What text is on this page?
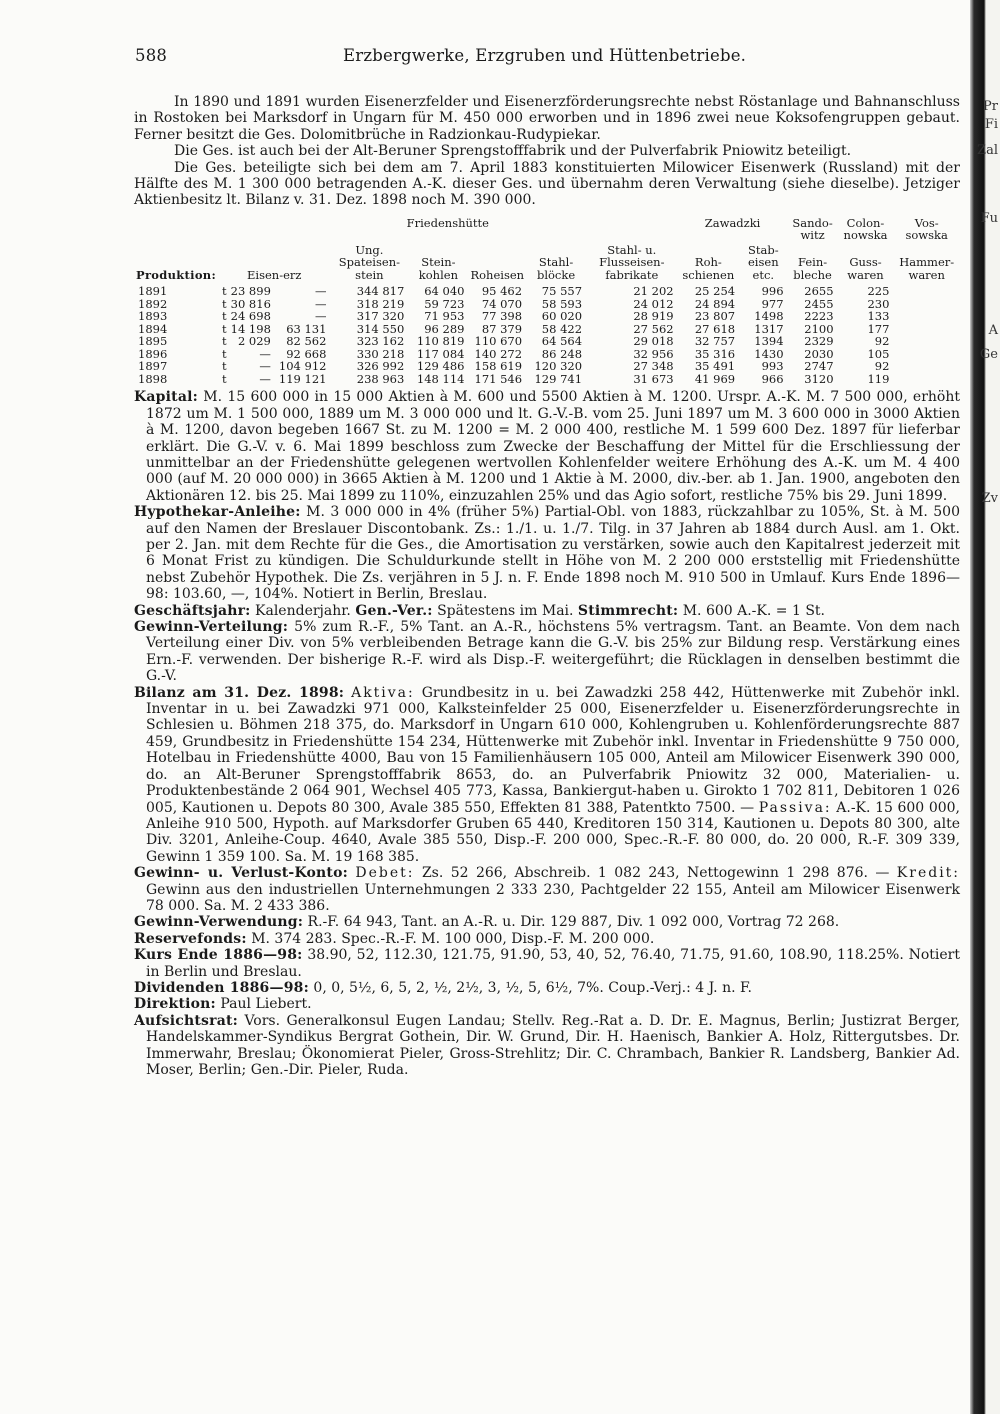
Pr
Fi
Zal
Fu
A
Ge
Zv
588	Erzbergwerke, Erzgruben und Hüttenbetriebe.

In 1890 und 1891 wurden Eisenerzfelder und Eisenerzförderungsrechte nebst Röstanlage und Bahnanschluss in Rostoken bei Marksdorf in Ungarn für M. 450 000 erworben und in 1896 zwei neue Koksofengruppen gebaut. Ferner besitzt die Ges. Dolomitbrüche in Radzionkau-Rudypiekar.

Die Ges. ist auch bei der Alt-Beruner Sprengstofffabrik und der Pulverfabrik Pniowitz beteiligt.

Die Ges. beteiligte sich bei dem am 7. April 1883 konstituierten Milowicer Eisenwerk (Russland) mit der Hälfte des M. 1 300 000 betragenden A.-K. dieser Ges. und übernahm deren Verwaltung (siehe dieselbe). Jetziger Aktienbesitz lt. Bilanz v. 31. Dez. 1898 noch M. 390 000.

	Friedenshütte								Zawadzki		Sando-witz	Colon-nowska	Vos-sowska
Produktion:	Eisen-erz			Ung. Spateisen-stein	Stein-kohlen	Roheisen	Stahl-blöcke	Stahl- u. Flusseisen-fabrikate	Roh-schienen	Stab-eisen etc.	Fein-bleche	Guss-waren	Hammer-waren
1891	t	23 899	—	344 817	64 040	95 462	75 557	21 202	25 254	996	2655	225	
1892	t	30 816	—	318 219	59 723	74 070	58 593	24 012	24 894	977	2455	230	
1893	t	24 698	—	317 320	71 953	77 398	60 020	28 919	23 807	1498	2223	133	
1894	t	14 198	63 131	314 550	96 289	87 379	58 422	27 562	27 618	1317	2100	177	
1895	t	2 029	82 562	323 162	110 819	110 670	64 564	29 018	32 757	1394	2329	92	
1896	t	—	92 668	330 218	117 084	140 272	86 248	32 956	35 316	1430	2030	105	
1897	t	—	104 912	326 992	129 486	158 619	120 320	27 348	35 491	993	2747	92	
1898	t	—	119 121	238 963	148 114	171 546	129 741	31 673	41 969	966	3120	119	

Kapital: M. 15 600 000 in 15 000 Aktien à M. 600 und 5500 Aktien à M. 1200. Urspr. A.-K. M. 7 500 000, erhöht 1872 um M. 1 500 000, 1889 um M. 3 000 000 und lt. G.-V.-B. vom 25. Juni 1897 um M. 3 600 000 in 3000 Aktien à M. 1200, davon begeben 1667 St. zu M. 1200 = M. 2 000 400, restliche M. 1 599 600 Dez. 1897 für lieferbar erklärt. Die G.-V. v. 6. Mai 1899 beschloss zum Zwecke der Beschaffung der Mittel für die Erschliessung der unmittelbar an der Friedenshütte gelegenen wertvollen Kohlenfelder weitere Erhöhung des A.-K. um M. 4 400 000 (auf M. 20 000 000) in 3665 Aktien à M. 1200 und 1 Aktie à M. 2000, div.-ber. ab 1. Jan. 1900, angeboten den Aktionären 12. bis 25. Mai 1899 zu 110%, einzuzahlen 25% und das Agio sofort, restliche 75% bis 29. Juni 1899.

Hypothekar-Anleihe: M. 3 000 000 in 4% (früher 5%) Partial-Obl. von 1883, rückzahlbar zu 105%, St. à M. 500 auf den Namen der Breslauer Discontobank. Zs.: 1./1. u. 1./7. Tilg. in 37 Jahren ab 1884 durch Ausl. am 1. Okt. per 2. Jan. mit dem Rechte für die Ges., die Amortisation zu verstärken, sowie auch den Kapitalrest jederzeit mit 6 Monat Frist zu kündigen. Die Schuldurkunde stellt in Höhe von M. 2 200 000 erststellig mit Friedenshütte nebst Zubehör Hypothek. Die Zs. verjähren in 5 J. n. F. Ende 1898 noch M. 910 500 in Umlauf. Kurs Ende 1896—98: 103.60, —, 104%. Notiert in Berlin, Breslau.

Geschäftsjahr: Kalenderjahr. Gen.-Ver.: Spätestens im Mai. Stimmrecht: M. 600 A.-K. = 1 St.

Gewinn-Verteilung: 5% zum R.-F., 5% Tant. an A.-R., höchstens 5% vertragsm. Tant. an Beamte. Von dem nach Verteilung einer Div. von 5% verbleibenden Betrage kann die G.-V. bis 25% zur Bildung resp. Verstärkung eines Ern.-F. verwenden. Der bisherige R.-F. wird als Disp.-F. weitergeführt; die Rücklagen in denselben bestimmt die G.-V.

Bilanz am 31. Dez. 1898: Aktiva: Grundbesitz in u. bei Zawadzki 258 442, Hüttenwerke mit Zubehör inkl. Inventar in u. bei Zawadzki 971 000, Kalksteinfelder 25 000, Eisenerzfelder u. Eisenerzförderungsrechte in Schlesien u. Böhmen 218 375, do. Marksdorf in Ungarn 610 000, Kohlengruben u. Kohlenförderungsrechte 887 459, Grundbesitz in Friedenshütte 154 234, Hüttenwerke mit Zubehör inkl. Inventar in Friedenshütte 9 750 000, Hotelbau in Friedenshütte 4000, Bau von 15 Familienhäusern 105 000, Anteil am Milowicer Eisenwerk 390 000, do. an Alt-Beruner Sprengstofffabrik 8653, do. an Pulverfabrik Pniowitz 32 000, Materialien- u. Produktenbestände 2 064 901, Wechsel 405 773, Kassa, Bankiergut-haben u. Girokto 1 702 811, Debitoren 1 026 005, Kautionen u. Depots 80 300, Avale 385 550, Effekten 81 388, Patentkto 7500. — Passiva: A.-K. 15 600 000, Anleihe 910 500, Hypoth. auf Marksdorfer Gruben 65 440, Kreditoren 150 314, Kautionen u. Depots 80 300, alte Div. 3201, Anleihe-Coup. 4640, Avale 385 550, Disp.-F. 200 000, Spec.-R.-F. 80 000, do. 20 000, R.-F. 309 339, Gewinn 1 359 100. Sa. M. 19 168 385.

Gewinn- u. Verlust-Konto: Debet: Zs. 52 266, Abschreib. 1 082 243, Nettogewinn 1 298 876. — Kredit: Gewinn aus den industriellen Unternehmungen 2 333 230, Pachtgelder 22 155, Anteil am Milowicer Eisenwerk 78 000. Sa. M. 2 433 386.

Gewinn-Verwendung: R.-F. 64 943, Tant. an A.-R. u. Dir. 129 887, Div. 1 092 000, Vortrag 72 268.

Reservefonds: M. 374 283. Spec.-R.-F. M. 100 000, Disp.-F. M. 200 000.

Kurs Ende 1886—98: 38.90, 52, 112.30, 121.75, 91.90, 53, 40, 52, 76.40, 71.75, 91.60, 108.90, 118.25%. Notiert in Berlin und Breslau.

Dividenden 1886—98: 0, 0, 5½, 6, 5, 2, ½, 2½, 3, ½, 5, 6½, 7%. Coup.-Verj.: 4 J. n. F.

Direktion: Paul Liebert.

Aufsichtsrat: Vors. Generalkonsul Eugen Landau; Stellv. Reg.-Rat a. D. Dr. E. Magnus, Berlin; Justizrat Berger, Handelskammer-Syndikus Bergrat Gothein, Dir. W. Grund, Dir. H. Haenisch, Bankier A. Holz, Rittergutsbes. Dr. Immerwahr, Breslau; Ökonomierat Pieler, Gross-Strehlitz; Dir. C. Chrambach, Bankier R. Landsberg, Bankier Ad. Moser, Berlin; Gen.-Dir. Pieler, Ruda.
